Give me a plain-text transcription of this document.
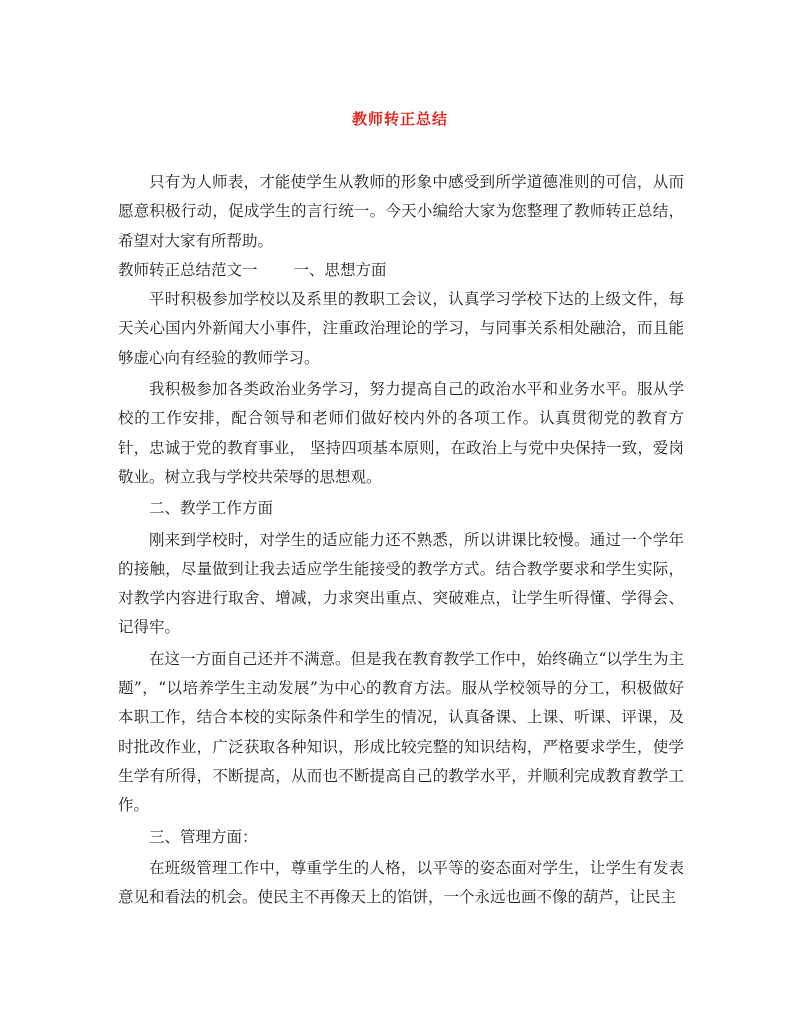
教师转正总结

只有为人师表，才能使学生从教师的形象中感受到所学道德准则的可信，从而愿意积极行动，促成学生的言行统一。今天小编给大家为您整理了教师转正总结，希望对大家有所帮助。

教师转正总结范文一 一、思想方面

平时积极参加学校以及系里的教职工会议，认真学习学校下达的上级文件，每天关心国内外新闻大小事件，注重政治理论的学习，与同事关系相处融洽，而且能够虚心向有经验的教师学习。

我积极参加各类政治业务学习，努力提高自己的政治水平和业务水平。服从学校的工作安排，配合领导和老师们做好校内外的各项工作。认真贯彻党的教育方针，忠诚于党的教育事业， 坚持四项基本原则，在政治上与党中央保持一致，爱岗敬业。树立我与学校共荣辱的思想观。

二、教学工作方面

刚来到学校时，对学生的适应能力还不熟悉，所以讲课比较慢。通过一个学年的接触，尽量做到让我去适应学生能接受的教学方式。结合教学要求和学生实际，对教学内容进行取舍、增减，力求突出重点、突破难点，让学生听得懂、学得会、记得牢。

在这一方面自己还并不满意。但是我在教育教学工作中，始终确立“以学生为主题”，“以培养学生主动发展”为中心的教育方法。服从学校领导的分工，积极做好本职工作，结合本校的实际条件和学生的情况，认真备课、上课、听课、评课，及时批改作业，广泛获取各种知识，形成比较完整的知识结构，严格要求学生，使学生学有所得，不断提高，从而也不断提高自己的教学水平，并顺利完成教育教学工作。

三、管理方面：

在班级管理工作中，尊重学生的人格，以平等的姿态面对学生，让学生有发表意见和看法的机会。使民主不再像天上的馅饼，一个永远也画不像的葫芦，让民主
